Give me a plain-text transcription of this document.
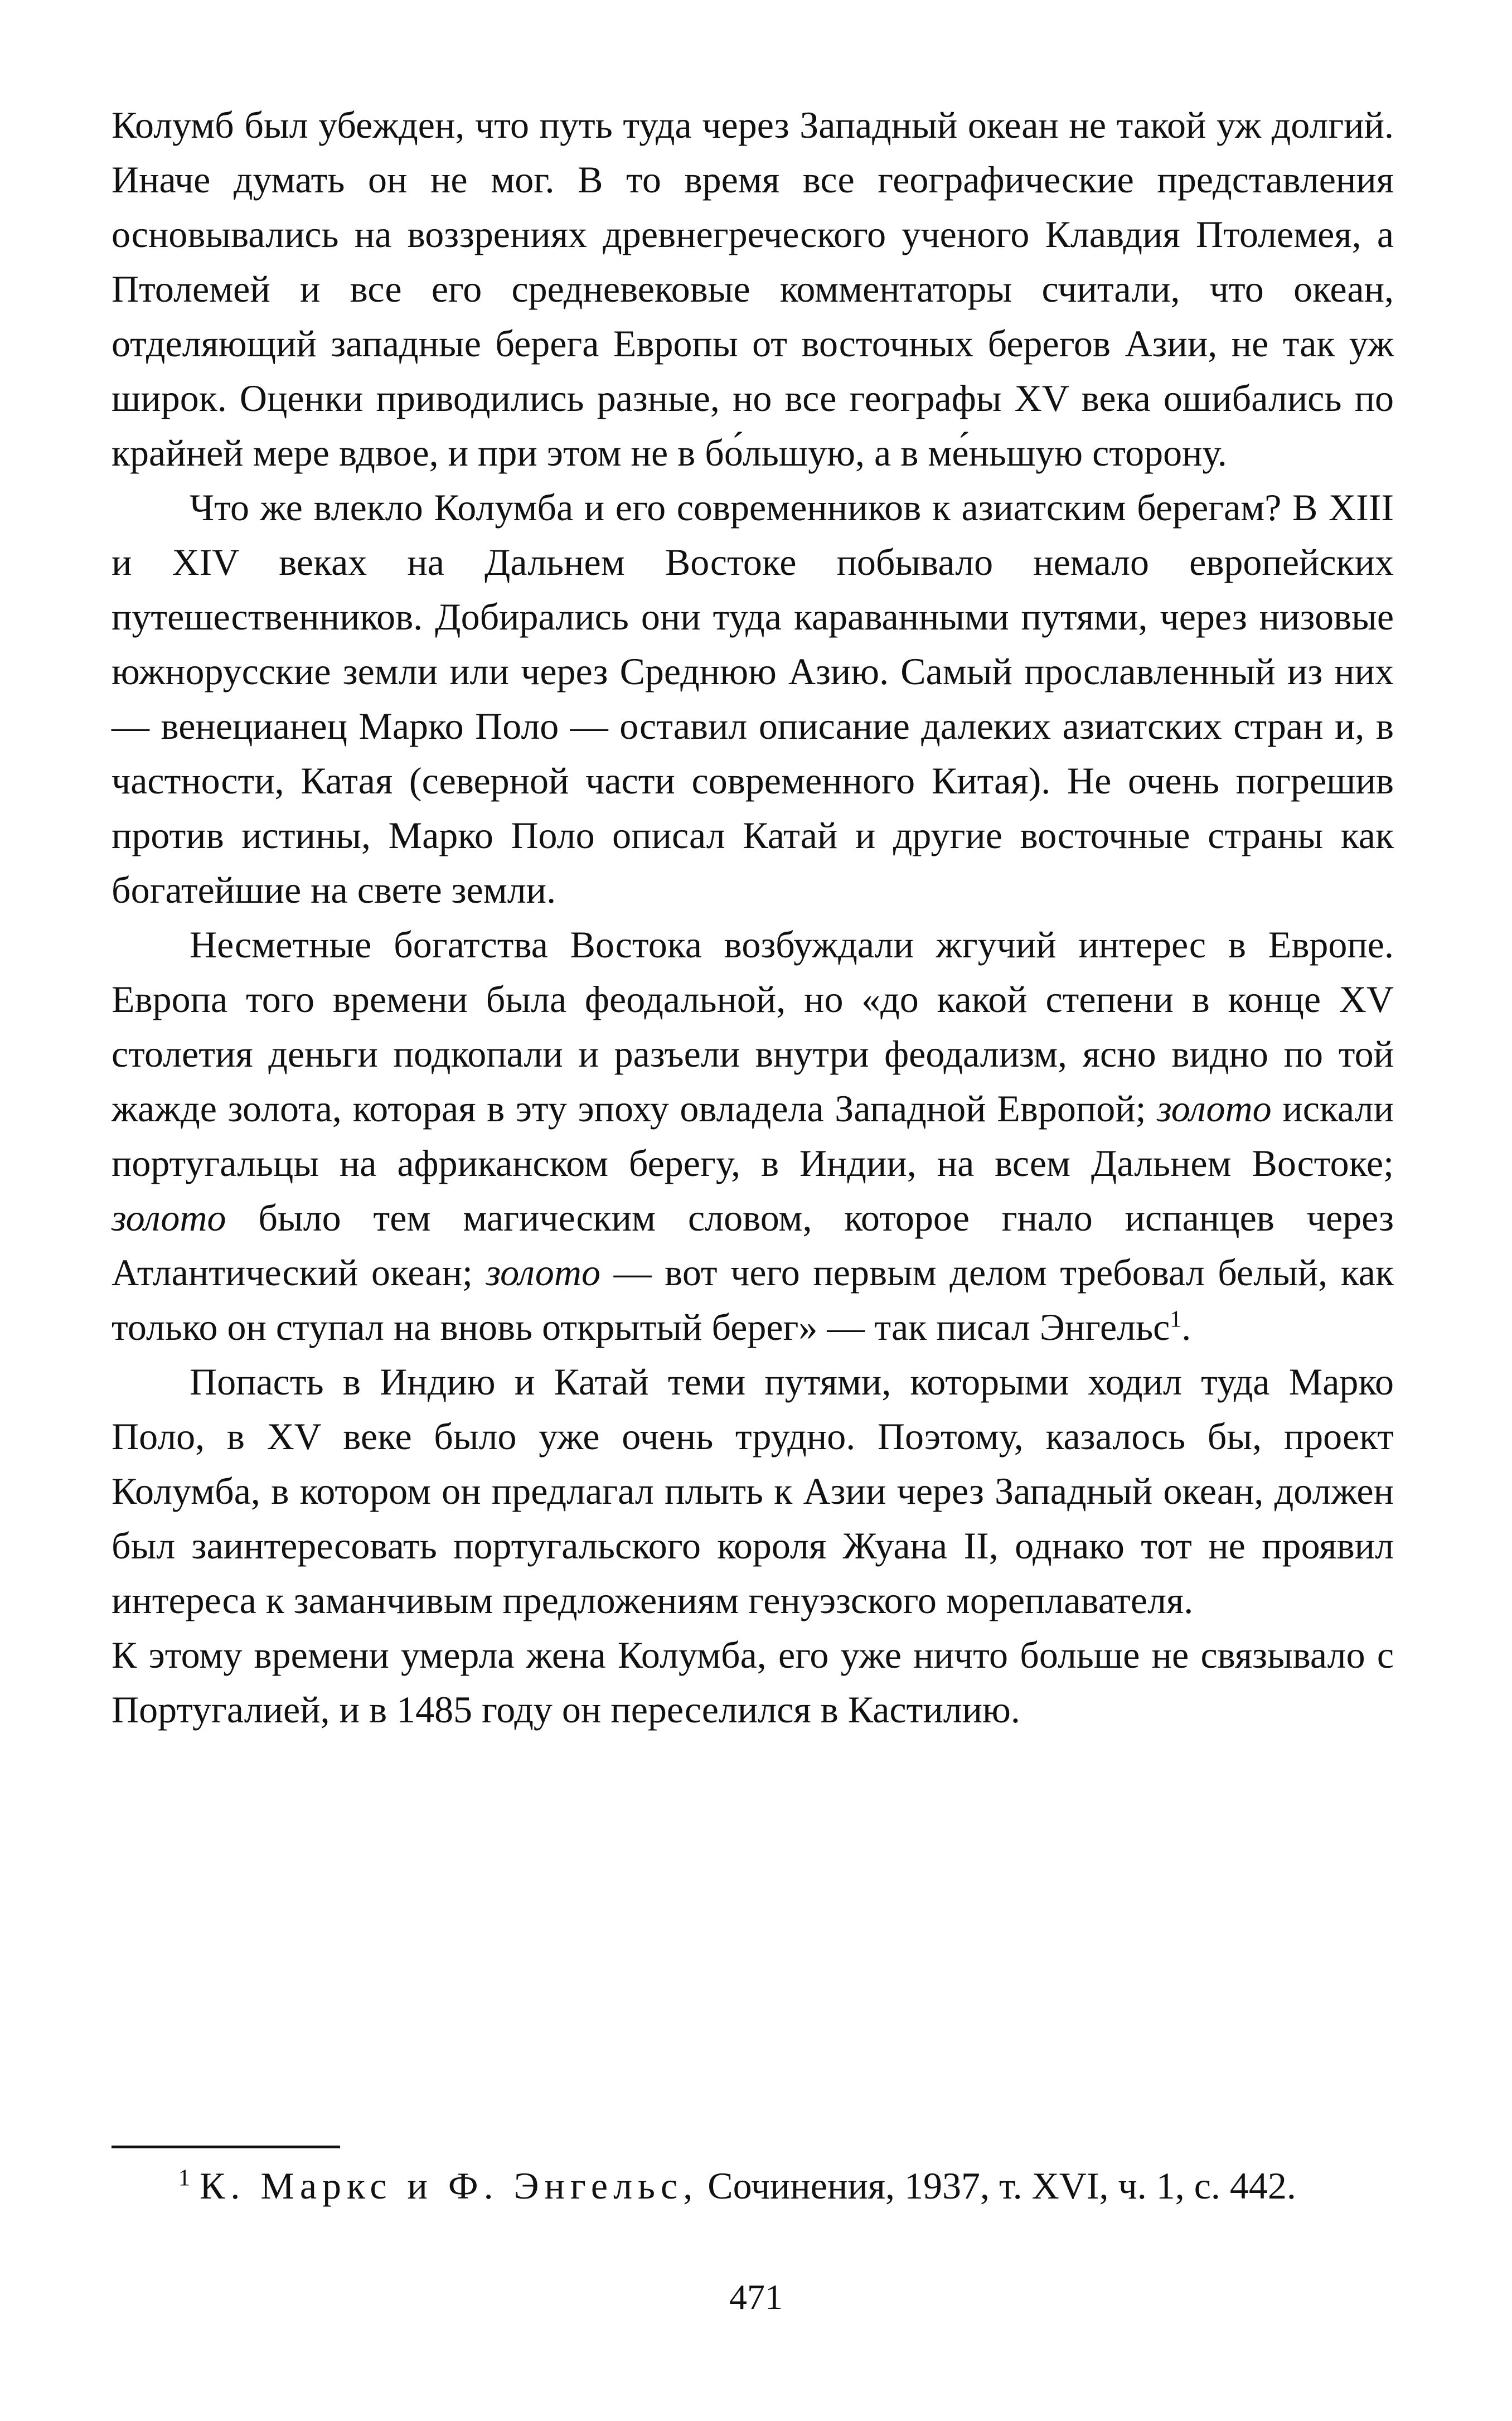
Колумб был убежден, что путь туда через Западный океан не такой уж долгий. Иначе думать он не мог. В то время все географические представления основывались на воззрениях древнегреческого ученого Клавдия Птолемея, а Птолемей и все его средневековые комментаторы считали, что океан, отделяющий западные берега Европы от восточных берегов Азии, не так уж широк. Оценки приводились разные, но все географы XV века ошибались по крайней мере вдвое, и при этом не в бо́льшую, а в ме́ньшую сторону.

Что же влекло Колумба и его современников к азиатским берегам? В XIII и XIV веках на Дальнем Востоке побывало немало европейских путешественников. Добирались они туда караванными путями, через низовые южнорусские земли или через Среднюю Азию. Самый прославленный из них — венецианец Марко Поло — оставил описание далеких азиатских стран и, в частности, Катая (северной части современного Китая). Не очень погрешив против истины, Марко Поло описал Катай и другие восточные страны как богатейшие на свете земли.

Несметные богатства Востока возбуждали жгучий интерес в Европе. Европа того времени была феодальной, но «до какой степени в конце XV столетия деньги подкопали и разъели внутри феодализм, ясно видно по той жажде золота, которая в эту эпоху овладела Западной Европой; золото искали португальцы на африканском берегу, в Индии, на всем Дальнем Востоке; золото было тем магическим словом, которое гнало испанцев через Атлантический океан; золото — вот чего первым делом требовал белый, как только он ступал на вновь открытый берег» — так писал Энгельс$^1$.

Попасть в Индию и Катай теми путями, которыми ходил туда Марко Поло, в XV веке было уже очень трудно. Поэтому, казалось бы, проект Колумба, в котором он предлагал плыть к Азии через Западный океан, должен был заинтересовать португальского короля Жуана II, однако тот не проявил интереса к заманчивым предложениям генуэзского мореплавателя.

К этому времени умерла жена Колумба, его уже ничто больше не связывало с Португалией, и в 1485 году он переселился в Кастилию.

$^1$ К. Маркс и Ф. Энгельс, Сочинения, 1937, т. XVI, ч. 1, с. 442.
471
